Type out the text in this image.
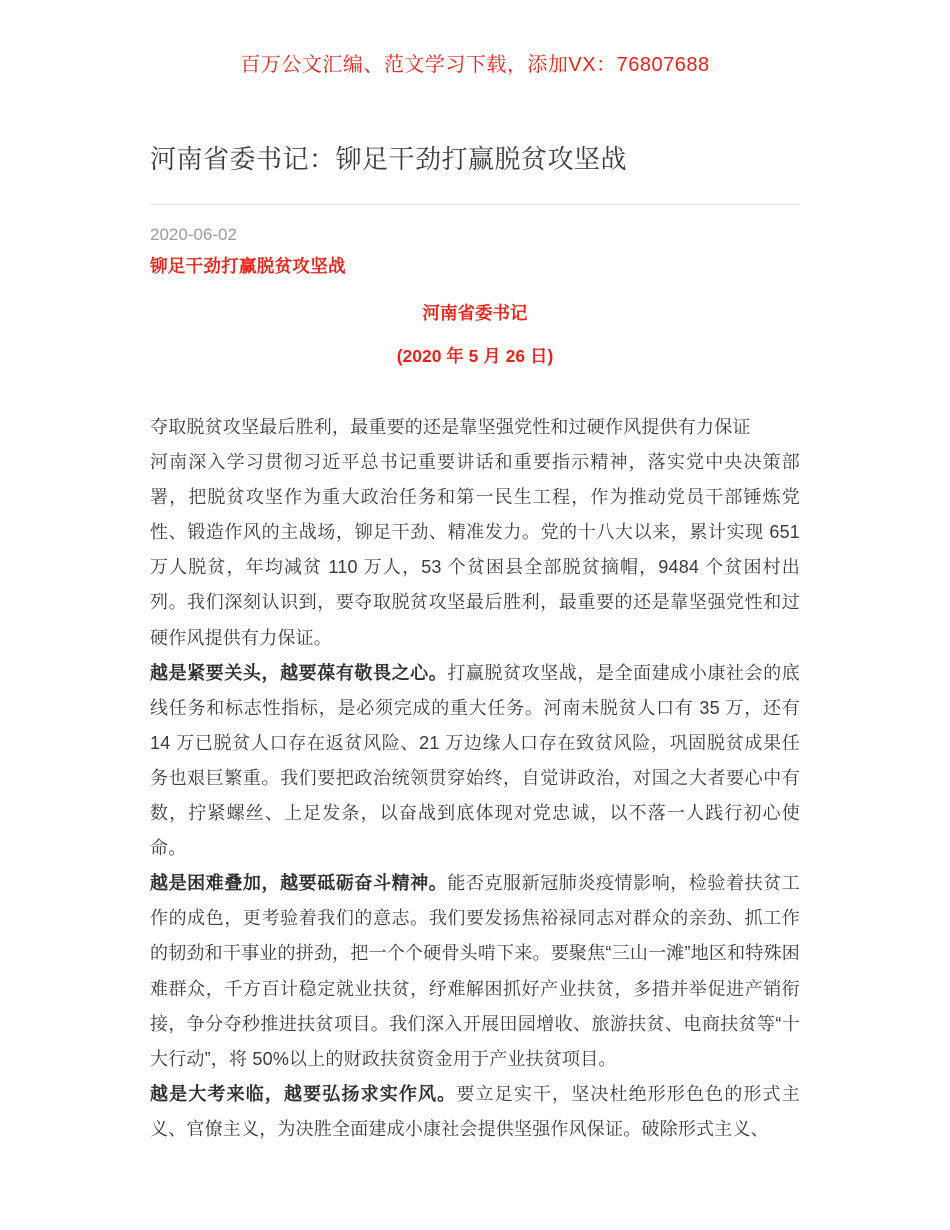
百万公文汇编、范文学习下载，添加VX：76807688
河南省委书记：铆足干劲打赢脱贫攻坚战
2020-06-02
铆足干劲打赢脱贫攻坚战
河南省委书记
(2020 年 5 月 26 日)

夺取脱贫攻坚最后胜利，最重要的还是靠坚强党性和过硬作风提供有力保证

河南深入学习贯彻习近平总书记重要讲话和重要指示精神，落实党中央决策部署，把脱贫攻坚作为重大政治任务和第一民生工程，作为推动党员干部锤炼党性、锻造作风的主战场，铆足干劲、精准发力。党的十八大以来，累计实现 651 万人脱贫，年均减贫 110 万人，53 个贫困县全部脱贫摘帽，9484 个贫困村出列。我们深刻认识到，要夺取脱贫攻坚最后胜利，最重要的还是靠坚强党性和过硬作风提供有力保证。

越是紧要关头，越要葆有敬畏之心。打赢脱贫攻坚战，是全面建成小康社会的底线任务和标志性指标，是必须完成的重大任务。河南未脱贫人口有 35 万，还有 14 万已脱贫人口存在返贫风险、21 万边缘人口存在致贫风险，巩固脱贫成果任务也艰巨繁重。我们要把政治统领贯穿始终，自觉讲政治，对国之大者要心中有数，拧紧螺丝、上足发条，以奋战到底体现对党忠诚，以不落一人践行初心使命。

越是困难叠加，越要砥砺奋斗精神。能否克服新冠肺炎疫情影响，检验着扶贫工作的成色，更考验着我们的意志。我们要发扬焦裕禄同志对群众的亲劲、抓工作的韧劲和干事业的拼劲，把一个个硬骨头啃下来。要聚焦“三山一滩”地区和特殊困难群众，千方百计稳定就业扶贫，纾难解困抓好产业扶贫，多措并举促进产销衔接，争分夺秒推进扶贫项目。我们深入开展田园增收、旅游扶贫、电商扶贫等“十大行动”，将 50%以上的财政扶贫资金用于产业扶贫项目。

越是大考来临，越要弘扬求实作风。要立足实干，坚决杜绝形形色色的形式主义、官僚主义，为决胜全面建成小康社会提供坚强作风保证。破除形式主义、
